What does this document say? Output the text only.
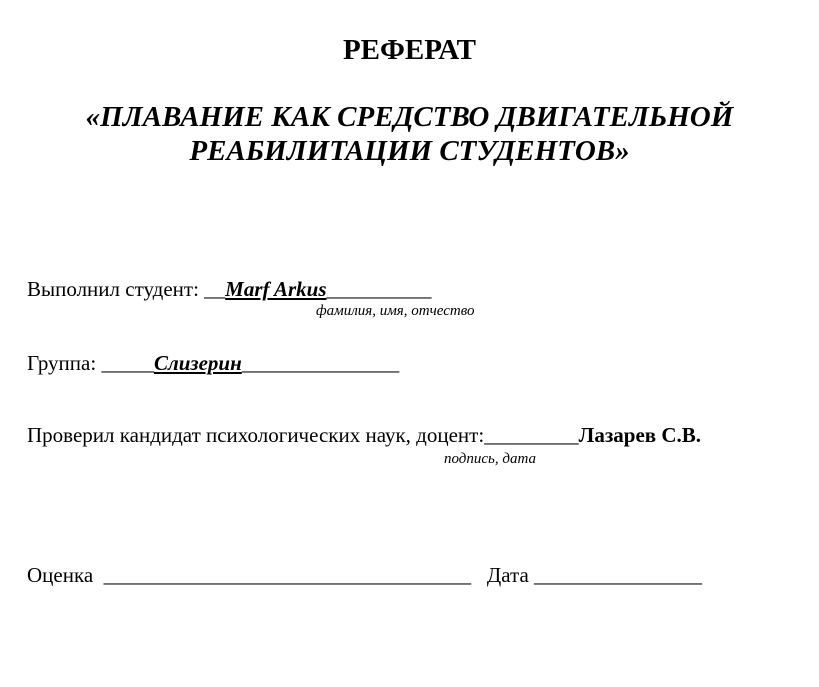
РЕФЕРАТ
«ПЛАВАНИЕ КАК СРЕДСТВО ДВИГАТЕЛЬНОЙ
РЕАБИЛИТАЦИИ СТУДЕНТОВ»
Выполнил студент: __Marf Arkus__________
фамилия, имя, отчество
Группа: _____Слизерин_______________
Проверил кандидат психологических наук, доцент:_________Лазарев С.В.
подпись, дата
Оценка ___________________________________ Дата ________________
